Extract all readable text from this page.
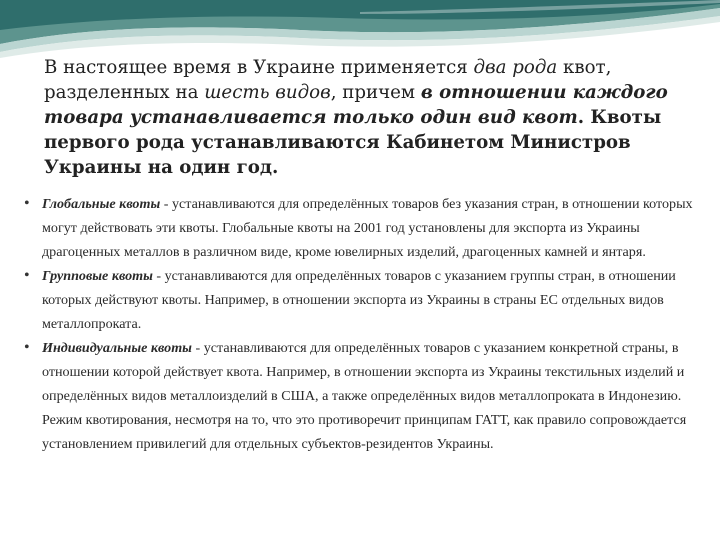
В настоящее время в Украине применяется два рода квот, разделенных на шесть видов, причем в отношении каждого товара устанавливается только один вид квот. Квоты первого рода устанавливаются Кабинетом Министров Украины на один год.

• Глобальные квоты - устанавливаются для определённых товаров без указания стран, в отношении которых могут действовать эти квоты. Глобальные квоты на 2001 год установлены для экспорта из Украины драгоценных металлов в различном виде, кроме ювелирных изделий, драгоценных камней и янтаря.
• Групповые квоты - устанавливаются для определённых товаров с указанием группы стран, в отношении которых действуют квоты. Например, в отношении экспорта из Украины в страны ЕС отдельных видов металлопроката.
• Индивидуальные квоты - устанавливаются для определённых товаров с указанием конкретной страны, в отношении которой действует квота. Например, в отношении экспорта из Украины текстильных изделий и определённых видов металлоизделий в США, а также определённых видов металлопроката в Индонезию. Режим квотирования, несмотря на то, что это противоречит принципам ГАТТ, как правило сопровождается установлением привилегий для отдельных субъектов-резидентов Украины.
